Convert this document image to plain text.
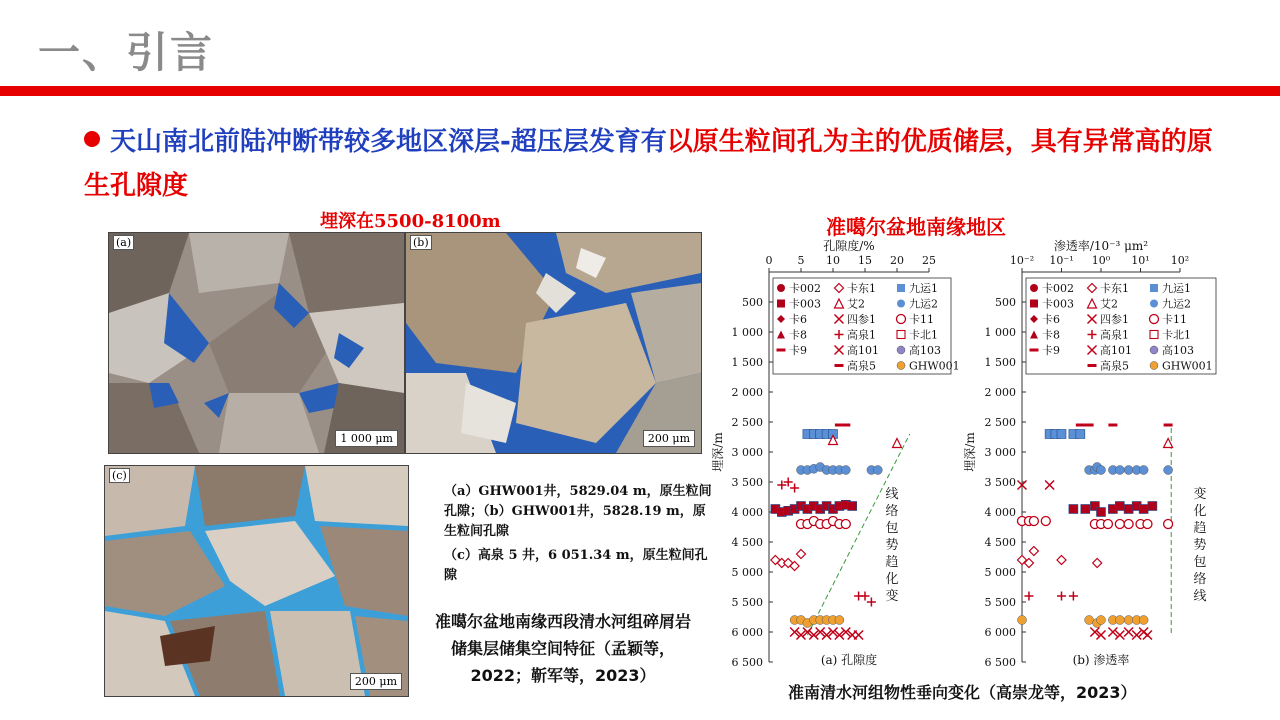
一、引言
天山南北前陆冲断带较多地区深层-超压层发育有以原生粒间孔为主的优质储层，具有异常高的原生孔隙度
埋深在5500-8100m	准噶尔盆地南缘地区
(a)
1 000 μm
(b)
200 μm
(c)
200 μm
（a）GHW001井，5829.04 m，原生粒间孔隙；（b）GHW001井，5828.19 m，原生粒间孔隙
（c）高泉 5 井，6 051.34 m，原生粒间孔隙
准噶尔盆地南缘西段清水河组碎屑岩储集层储集空间特征（孟颖等，2022；靳军等，2023）
孔隙度/%
0 5 10 15 20 25
500
1 000
1 500
2 000
2 500
3 000
3 500
4 000
4 500
5 000
5 500
6 000
6 500
埋深/m
线
络
包
势
趋
化
变
卡002
卡003
卡6
卡8
卡9
卡东1
艾2
四参1
高泉1
高101
高泉5
九运1
九运2
卡11
卡北1
高103
GHW001
(a) 孔隙度
渗透率/10⁻³ μm²
10⁻² 10⁻¹ 10⁰ 10¹ 10²
500
1 000
1 500
2 000
2 500
3 000
3 500
4 000
4 500
5 000
5 500
6 000
6 500
埋深/m
变
化
趋
势
包
络
线
卡002
卡003
卡6
卡8
卡9
卡东1
艾2
四参1
高泉1
高101
高泉5
九运1
九运2
卡11
卡北1
高103
GHW001
(b) 渗透率
准南清水河组物性垂向变化（高崇龙等，2023）
